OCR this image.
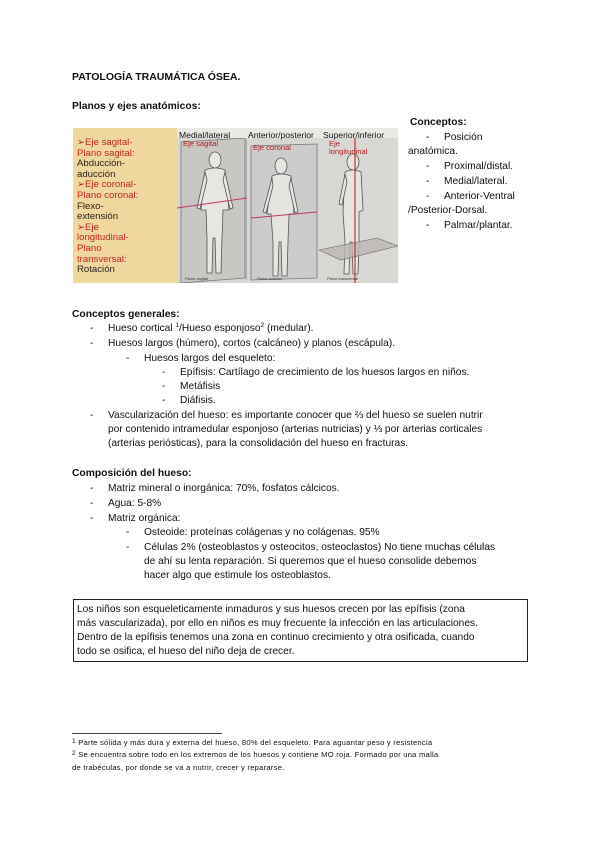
PATOLOGÍA TRAUMÁTICA ÓSEA.
Planos y ejes anatómicos:
➢Eje sagital-
Plano sagital:
Abducción-
aducción
➢Eje coronal-
Plano coronal:
Flexo-
extensión
➢Eje
longitudinal-
Plano
transversal:
Rotación
Plano sagital	Plano coronal	Plano transversal
Medial/lateral Anterior/posterior Superior/inferior
Eje sagital	Eje coronal	Eje
longitudinal
Conceptos:
- Posición
anatómica.
- Proximal/distal.
- Medial/lateral.
- Anterior-Ventral
/Posterior-Dorsal.
- Palmar/plantar.
Conceptos generales:
- Hueso cortical $^1$/Hueso esponjoso$^2$ (medular).
- Huesos largos (húmero), cortos (calcáneo) y planos (escápula).
- Huesos largos del esqueleto:
- Epífisis: Cartílago de crecimiento de los huesos largos en niños.
- Metáfisis
- Diáfisis.
- Vascularización del hueso: es importante conocer que ⅔ del hueso se suelen nutrir
por contenido intramedular esponjoso (arterias nutricias) y ⅓ por arterias corticales
(arterias periósticas), para la consolidación del hueso en fracturas.
Composición del hueso:
- Matriz mineral o inorgánica: 70%, fosfatos cálcicos.
- Agua: 5-8%
- Matriz orgánica:
- Osteoide: proteínas colágenas y no colágenas. 95%
- Células 2% (osteoblastos y osteocitos, osteoclastos) No tiene muchas células
de ahí su lenta reparación. Si queremos que el hueso consolide debemos
hacer algo que estimule los osteoblastos.
Los niños son esqueleticamente inmaduros y sus huesos crecen por las epífisis (zona
más vascularizada), por ello en niños es muy frecuente la infección en las articulaciones.
Dentro de la epífisis tenemos una zona en continuo crecimiento y otra osificada, cuando
todo se osifica, el hueso del niño deja de crecer.
$^1$ Parte sólida y más dura y externa del hueso, 80% del esqueleto. Para aguantar peso y resistencia
$^2$ Se encuentra sobre todo en los extremos de los huesos y contiene MO roja. Formado por una malla
de trabéculas, por donde se va a nutrir, crecer y repararse.
